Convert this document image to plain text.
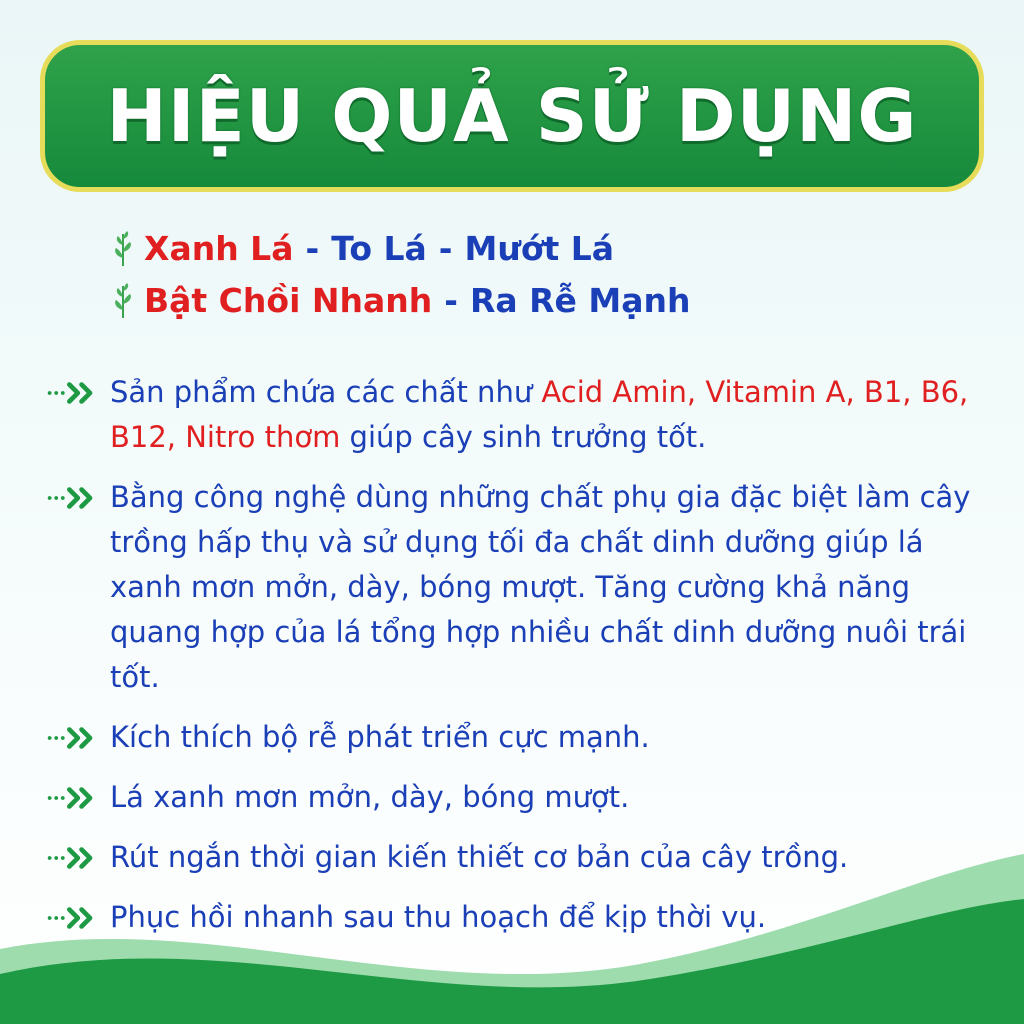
HIỆU QUẢ SỬ DỤNG
Xanh Lá - To Lá - Mướt Lá
Bật Chồi Nhanh - Ra Rễ Mạnh
Sản phẩm chứa các chất như Acid Amin, Vitamin A, B1, B6, B12, Nitro thơm giúp cây sinh trưởng tốt.
Bằng công nghệ dùng những chất phụ gia đặc biệt làm cây trồng hấp thụ và sử dụng tối đa chất dinh dưỡng giúp lá xanh mơn mởn, dày, bóng mượt. Tăng cường khả năng quang hợp của lá tổng hợp nhiều chất dinh dưỡng nuôi trái tốt.
Kích thích bộ rễ phát triển cực mạnh.
Lá xanh mơn mởn, dày, bóng mượt.
Rút ngắn thời gian kiến thiết cơ bản của cây trồng.
Phục hồi nhanh sau thu hoạch để kịp thời vụ.
